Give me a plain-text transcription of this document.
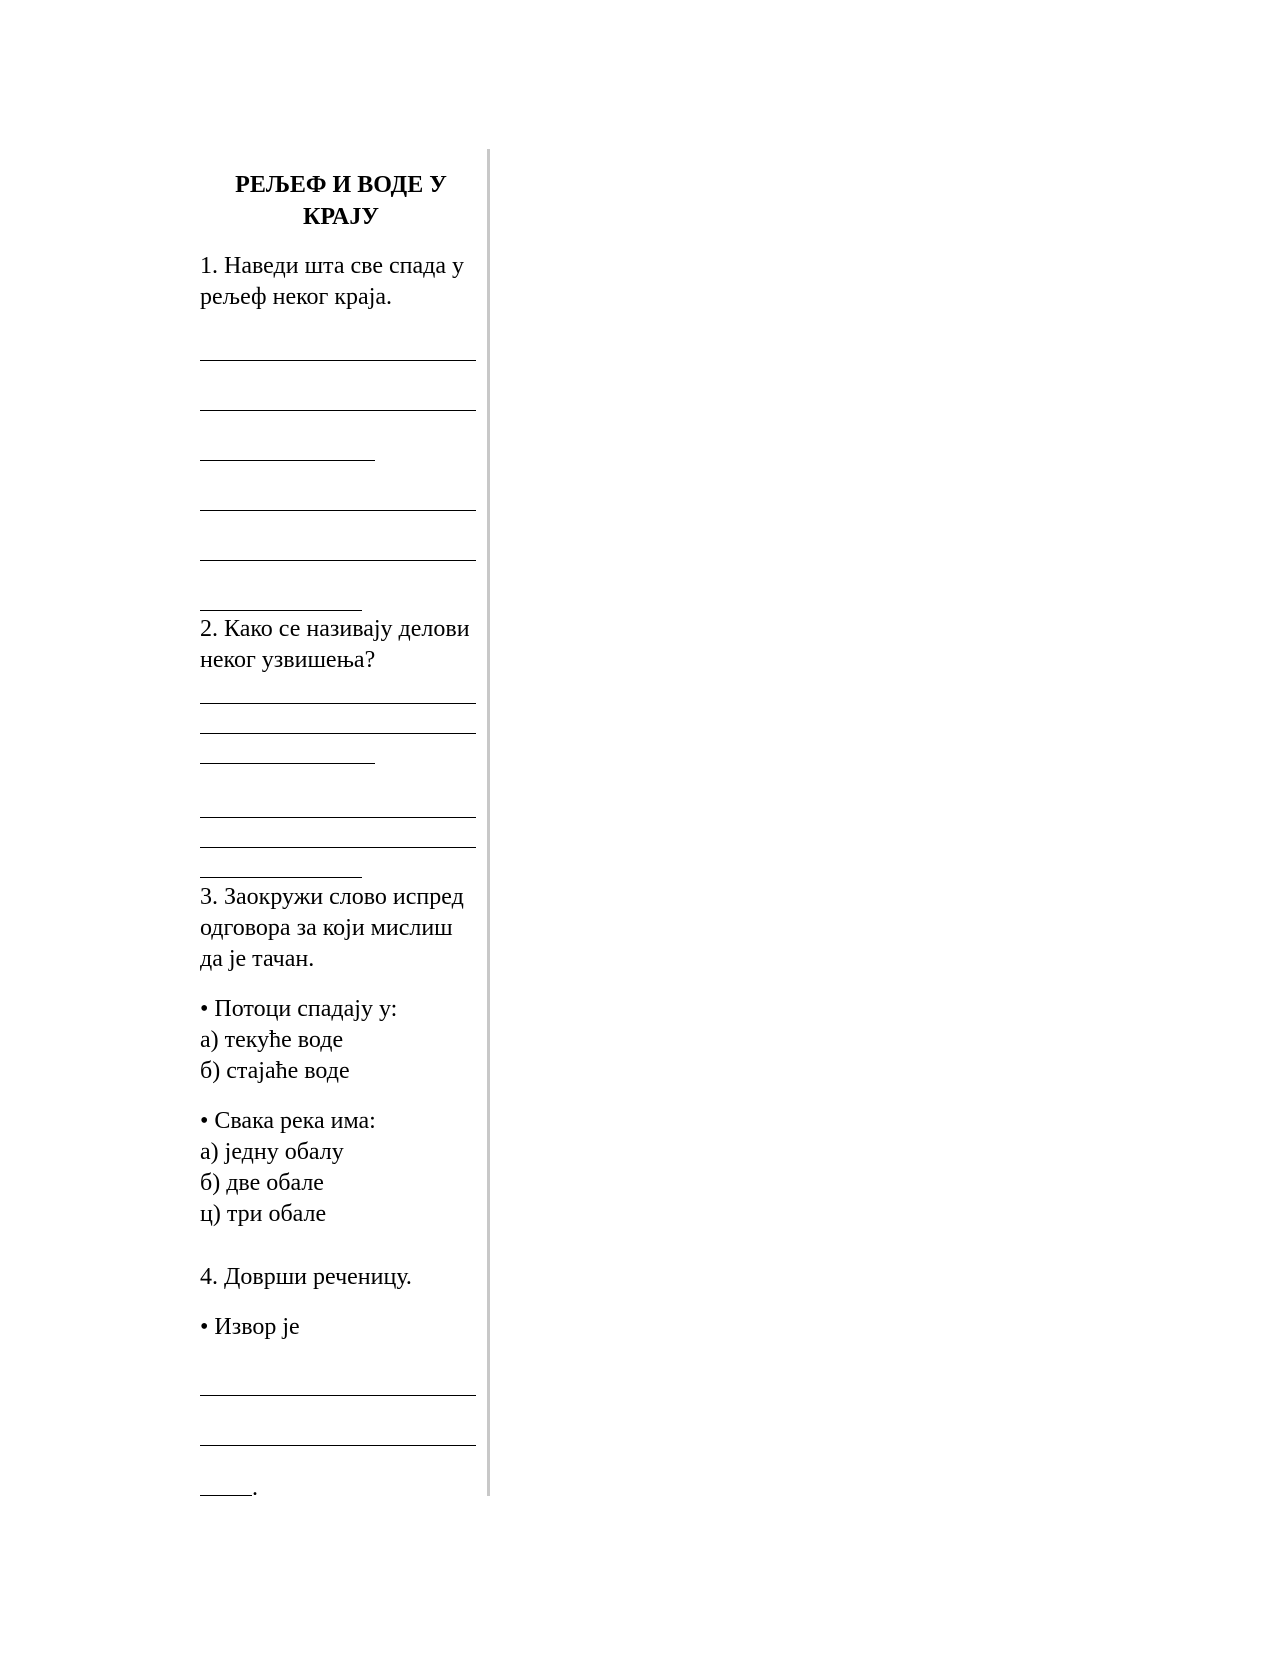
РЕЉЕФ И ВОДЕ У КРАЈУ
1. Наведи шта све спада у
рељеф неког краја.
2. Како се називају делови
неког узвишења?
3. Заокружи слово испред
одговора за који мислиш
да је тачан.
• Потоци спадају у:
а) текуће воде
б) стајаће воде
• Свака река има:
а) једну обалу
б) две обале
ц) три обале
4. Доврши реченицу.
• Извор је
.
